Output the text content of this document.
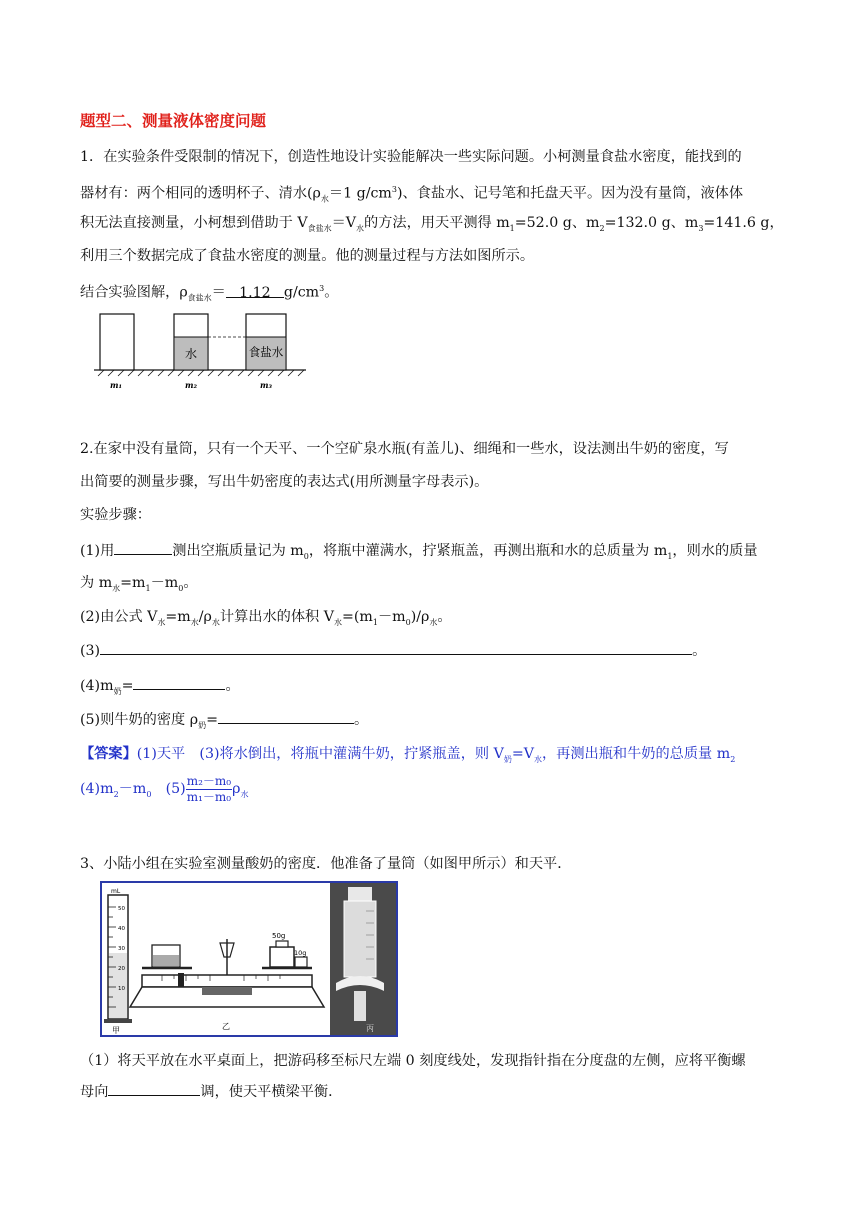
题型二、测量液体密度问题
1．在实验条件受限制的情况下，创造性地设计实验能解决一些实际问题。小柯测量食盐水密度，能找到的
器材有：两个相同的透明杯子、清水($\rho_水=1$ $g/cm^3$)、食盐水、记号笔和托盘天平。因为没有量筒，液体体
积无法直接测量，小柯想到借助于 $V_{食盐水}=V_水$的方法，用天平测得 $m_1=52.0$ g、$m_2=132.0$ g、$m_3=141.6$ g，
利用三个数据完成了食盐水密度的测量。他的测量过程与方法如图所示。
结合实验图解，$\rho_{食盐水}= 1.12$ $g/cm^3$。
水	食盐水
m₁	m₂	m₃
2.在家中没有量筒，只有一个天平、一个空矿泉水瓶(有盖儿)、细绳和一些水，设法测出牛奶的密度，写
出简要的测量步骤，写出牛奶密度的表达式(用所测量字母表示)。
实验步骤：
(1)用	测出空瓶质量记为 $m_0$，将瓶中灌满水，拧紧瓶盖，再测出瓶和水的总质量为 $m_1$，则水的质量
为 $m_水=m_1-m_0$。
(2)由公式 $V_水=m_水/\rho_水$计算出水的体积 $V_水=(m_1-m_0)/\rho_水$。
(3)	。
$(4)m_奶=$	。
(5)则牛奶的密度 $\rho_奶=$	。
【答案】(1)天平　(3)将水倒出，将瓶中灌满牛奶，拧紧瓶盖，则 $V_奶=V_水$，再测出瓶和牛奶的总质量 $m_2$
$(4)m_2-m_0$　$(5) \frac{\text{m₂－m₀}}{\text{m₁－m₀}} \rho_水$
3、小陆小组在实验室测量酸奶的密度．他准备了量筒（如图甲所示）和天平．
mL
50
40
30
20
10
甲
50g
10g
乙	丙
（1）将天平放在水平桌面上，把游码移至标尺左端 0 刻度线处，发现指针指在分度盘的左侧，应将平衡螺
母向	调，使天平横梁平衡．
